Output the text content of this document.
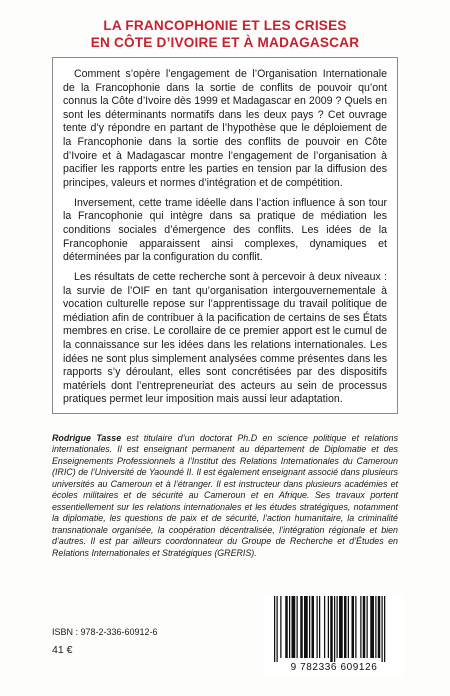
LA FRANCOPHONIE ET LES CRISES
EN CÔTE D’IVOIRE ET À MADAGASCAR

Comment s’opère l’engagement de l’Organisation Internationale de la Francophonie dans la sortie de conflits de pouvoir qu’ont connus la Côte d’Ivoire dès 1999 et Madagascar en 2009 ? Quels en sont les déterminants normatifs dans les deux pays ? Cet ouvrage tente d’y répondre en partant de l’hypothèse que le déploiement de la Francophonie dans la sortie des conflits de pouvoir en Côte d’Ivoire et à Madagascar montre l’engagement de l’organisation à pacifier les rapports entre les parties en tension par la diffusion des principes, valeurs et normes d’intégration et de compétition.

Inversement, cette trame idéelle dans l’action influence à son tour la Francophonie qui intègre dans sa pratique de médiation les conditions sociales d’émergence des conflits. Les idées de la Francophonie apparaissent ainsi complexes, dynamiques et déterminées par la configuration du conflit.

Les résultats de cette recherche sont à percevoir à deux niveaux : la survie de l’OIF en tant qu’organisation intergouvernementale à vocation culturelle repose sur l’apprentissage du travail politique de médiation afin de contribuer à la pacification de certains de ses États membres en crise. Le corollaire de ce premier apport est le cumul de la connaissance sur les idées dans les relations internationales. Les idées ne sont plus simplement analysées comme présentes dans les rapports s’y déroulant, elles sont concrétisées par des dispositifs matériels dont l’entrepreneuriat des acteurs au sein de processus pratiques permet leur imposition mais aussi leur adaptation.

Rodrigue Tasse est titulaire d’un doctorat Ph.D en science politique et relations internationales. Il est enseignant permanent au département de Diplomatie et des Enseignements Professionnels à l’Institut des Relations Internationales du Cameroun (IRIC) de l’Université de Yaoundé II. Il est également enseignant associé dans plusieurs universités au Cameroun et à l’étranger. Il est instructeur dans plusieurs académies et écoles militaires et de sécurité au Cameroun et en Afrique. Ses travaux portent essentiellement sur les relations internationales et les études stratégiques, notamment la diplomatie, les questions de paix et de sécurité, l’action humanitaire, la criminalité transnationale organisée, la coopération décentralisée, l’intégration régionale et bien d’autres. Il est par ailleurs coordonnateur du Groupe de Recherche et d’Études en Relations Internationales et Stratégiques (GRERIS).

ISBN : 978-2-336-60912-6
41 €
9 782336 609126
